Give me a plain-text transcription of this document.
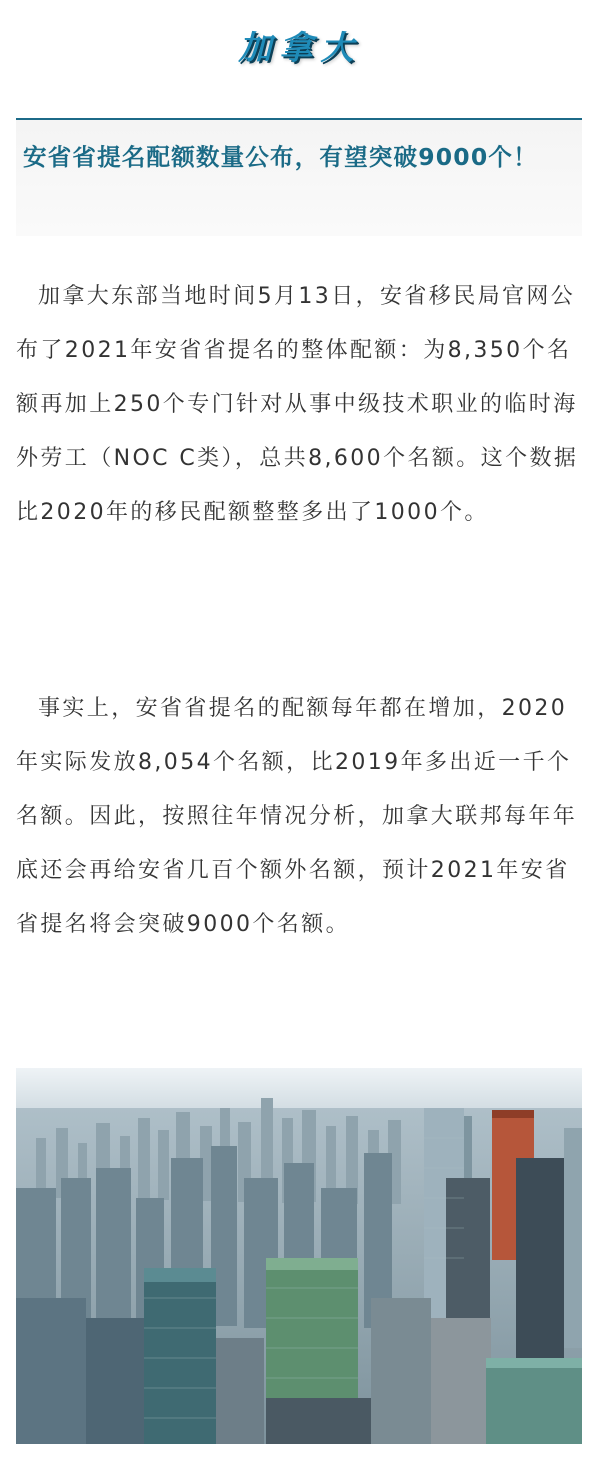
加拿大
安省省提名配额数量公布，有望突破9000个！

加拿大东部当地时间5月13日，安省移民局官网公布了2021年安省省提名的整体配额：为8,350个名额再加上250个专门针对从事中级技术职业的临时海外劳工（NOC C类），总共8,600个名额。这个数据比2020年的移民配额整整多出了1000个。

事实上，安省省提名的配额每年都在增加，2020年实际发放8,054个名额，比2019年多出近一千个名额。因此，按照往年情况分析，加拿大联邦每年年底还会再给安省几百个额外名额，预计2021年安省省提名将会突破9000个名额。
